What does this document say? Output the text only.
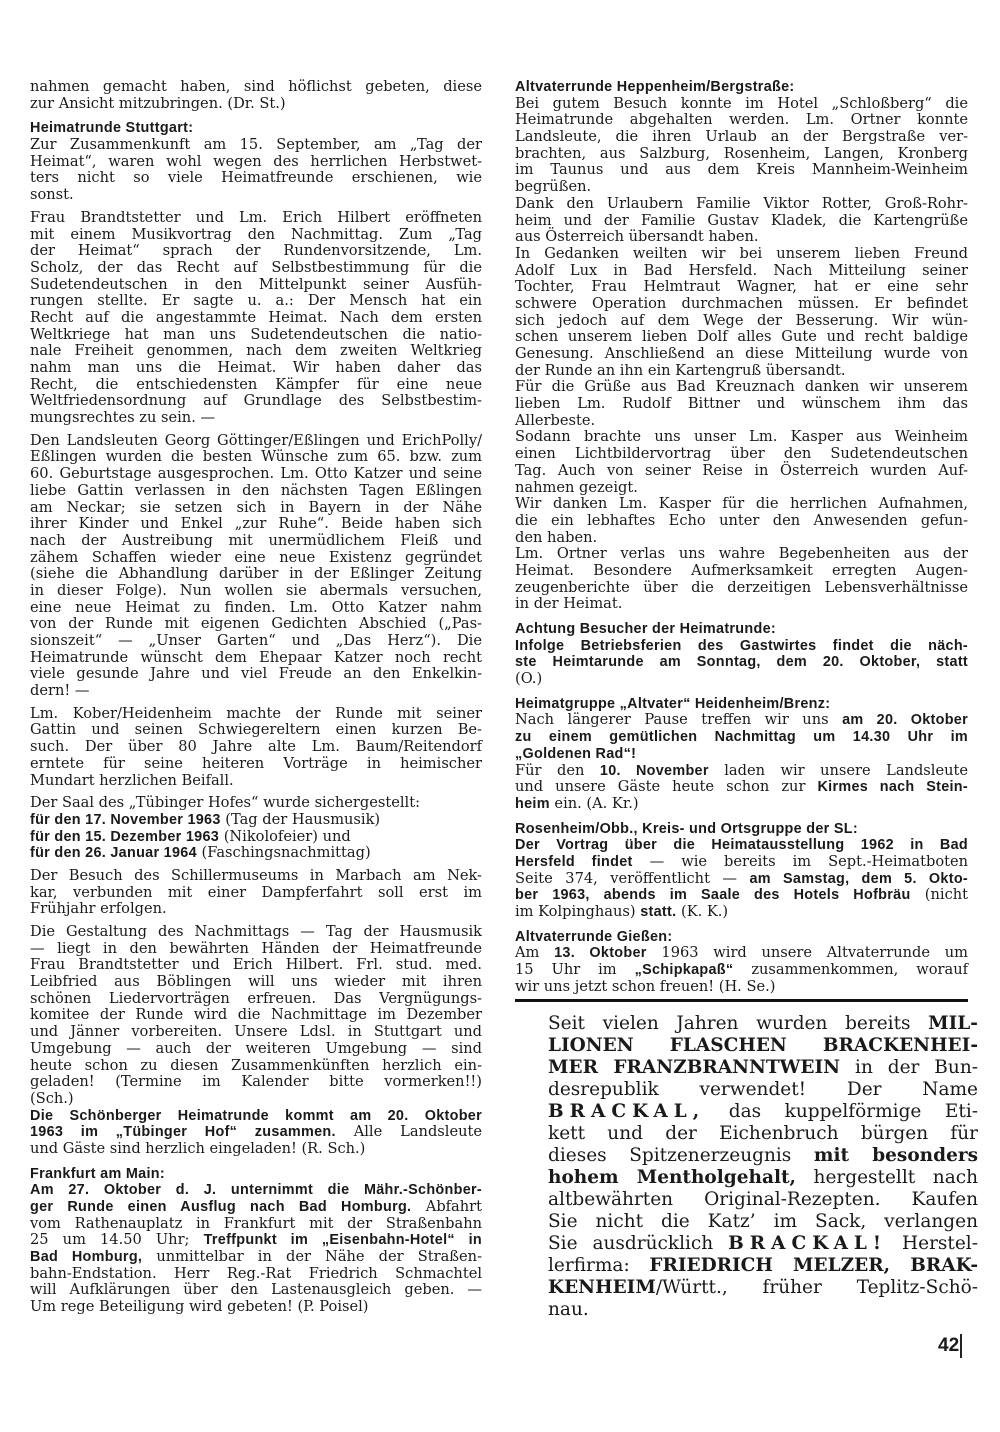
nahmen gemacht haben, sind höflichst gebeten, diese
zur Ansicht mitzubringen. (Dr. St.)
Heimatrunde Stuttgart:
Zur Zusammenkunft am 15. September, am „Tag der
Heimat“, waren wohl wegen des herrlichen Herbstwet-
ters nicht so viele Heimatfreunde erschienen, wie
sonst.
Frau Brandtstetter und Lm. Erich Hilbert eröffneten
mit einem Musikvortrag den Nachmittag. Zum „Tag
der Heimat“ sprach der Rundenvorsitzende, Lm.
Scholz, der das Recht auf Selbstbestimmung für die
Sudetendeutschen in den Mittelpunkt seiner Ausfüh-
rungen stellte. Er sagte u. a.: Der Mensch hat ein
Recht auf die angestammte Heimat. Nach dem ersten
Weltkriege hat man uns Sudetendeutschen die natio-
nale Freiheit genommen, nach dem zweiten Weltkrieg
nahm man uns die Heimat. Wir haben daher das
Recht, die entschiedensten Kämpfer für eine neue
Weltfriedensordnung auf Grundlage des Selbstbestim-
mungsrechtes zu sein. —
Den Landsleuten Georg Göttinger/Eßlingen und ErichPolly/
Eßlingen wurden die besten Wünsche zum 65. bzw. zum
60. Geburtstage ausgesprochen. Lm. Otto Katzer und seine
liebe Gattin verlassen in den nächsten Tagen Eßlingen
am Neckar; sie setzen sich in Bayern in der Nähe
ihrer Kinder und Enkel „zur Ruhe“. Beide haben sich
nach der Austreibung mit unermüdlichem Fleiß und
zähem Schaffen wieder eine neue Existenz gegründet
(siehe die Abhandlung darüber in der Eßlinger Zeitung
in dieser Folge). Nun wollen sie abermals versuchen,
eine neue Heimat zu finden. Lm. Otto Katzer nahm
von der Runde mit eigenen Gedichten Abschied („Pas-
sionszeit“ — „Unser Garten“ und „Das Herz“). Die
Heimatrunde wünscht dem Ehepaar Katzer noch recht
viele gesunde Jahre und viel Freude an den Enkelkin-
dern! —
Lm. Kober/Heidenheim machte der Runde mit seiner
Gattin und seinen Schwiegereltern einen kurzen Be-
such. Der über 80 Jahre alte Lm. Baum/Reitendorf
erntete für seine heiteren Vorträge in heimischer
Mundart herzlichen Beifall.
Der Saal des „Tübinger Hofes“ wurde sichergestellt:
für den 17. November 1963 (Tag der Hausmusik)
für den 15. Dezember 1963 (Nikolofeier) und
für den 26. Januar 1964 (Faschingsnachmittag)
Der Besuch des Schillermuseums in Marbach am Nek-
kar, verbunden mit einer Dampferfahrt soll erst im
Frühjahr erfolgen.
Die Gestaltung des Nachmittags — Tag der Hausmusik
— liegt in den bewährten Händen der Heimatfreunde
Frau Brandtstetter und Erich Hilbert. Frl. stud. med.
Leibfried aus Böblingen will uns wieder mit ihren
schönen Liedervorträgen erfreuen. Das Vergnügungs-
komitee der Runde wird die Nachmittage im Dezember
und Jänner vorbereiten. Unsere Ldsl. in Stuttgart und
Umgebung — auch der weiteren Umgebung — sind
heute schon zu diesen Zusammenkünften herzlich ein-
geladen! (Termine im Kalender bitte vormerken!!)
(Sch.)
Die Schönberger Heimatrunde kommt am 20. Oktober
1963 im „Tübinger Hof“ zusammen. Alle Landsleute
und Gäste sind herzlich eingeladen! (R. Sch.)
Frankfurt am Main:
Am 27. Oktober d. J. unternimmt die Mähr.-Schönber-
ger Runde einen Ausflug nach Bad Homburg. Abfahrt
vom Rathenauplatz in Frankfurt mit der Straßenbahn
25 um 14.50 Uhr; Treffpunkt im „Eisenbahn-Hotel“ in
Bad Homburg, unmittelbar in der Nähe der Straßen-
bahn-Endstation. Herr Reg.-Rat Friedrich Schmachtel
will Aufklärungen über den Lastenausgleich geben. —
Um rege Beteiligung wird gebeten! (P. Poisel)
Altvaterrunde Heppenheim/Bergstraße:
Bei gutem Besuch konnte im Hotel „Schloßberg“ die
Heimatrunde abgehalten werden. Lm. Ortner konnte
Landsleute, die ihren Urlaub an der Bergstraße ver-
brachten, aus Salzburg, Rosenheim, Langen, Kronberg
im Taunus und aus dem Kreis Mannheim-Weinheim
begrüßen.
Dank den Urlaubern Familie Viktor Rotter, Groß-Rohr-
heim und der Familie Gustav Kladek, die Kartengrüße
aus Österreich übersandt haben.
In Gedanken weilten wir bei unserem lieben Freund
Adolf Lux in Bad Hersfeld. Nach Mitteilung seiner
Tochter, Frau Helmtraut Wagner, hat er eine sehr
schwere Operation durchmachen müssen. Er befindet
sich jedoch auf dem Wege der Besserung. Wir wün-
schen unserem lieben Dolf alles Gute und recht baldige
Genesung. Anschließend an diese Mitteilung wurde von
der Runde an ihn ein Kartengruß übersandt.
Für die Grüße aus Bad Kreuznach danken wir unserem
lieben Lm. Rudolf Bittner und wünschem ihm das
Allerbeste.
Sodann brachte uns unser Lm. Kasper aus Weinheim
einen Lichtbildervortrag über den Sudetendeutschen
Tag. Auch von seiner Reise in Österreich wurden Auf-
nahmen gezeigt.
Wir danken Lm. Kasper für die herrlichen Aufnahmen,
die ein lebhaftes Echo unter den Anwesenden gefun-
den haben.
Lm. Ortner verlas uns wahre Begebenheiten aus der
Heimat. Besondere Aufmerksamkeit erregten Augen-
zeugenberichte über die derzeitigen Lebensverhältnisse
in der Heimat.
Achtung Besucher der Heimatrunde:
Infolge Betriebsferien des Gastwirtes findet die näch-
ste Heimtarunde am Sonntag, dem 20. Oktober, statt
(O.)
Heimatgruppe „Altvater“ Heidenheim/Brenz:
Nach längerer Pause treffen wir uns am 20. Oktober
zu einem gemütlichen Nachmittag um 14.30 Uhr im
„Goldenen Rad“!
Für den 10. November laden wir unsere Landsleute
und unsere Gäste heute schon zur Kirmes nach Stein-
heim ein. (A. Kr.)
Rosenheim/Obb., Kreis- und Ortsgruppe der SL:
Der Vortrag über die Heimatausstellung 1962 in Bad
Hersfeld findet — wie bereits im Sept.-Heimatboten
Seite 374, veröffentlicht — am Samstag, dem 5. Okto-
ber 1963, abends im Saale des Hotels Hofbräu (nicht
im Kolpinghaus) statt. (K. K.)
Altvaterrunde Gießen:
Am 13. Oktober 1963 wird unsere Altvaterrunde um
15 Uhr im „Schipkapaß“ zusammenkommen, worauf
wir uns jetzt schon freuen! (H. Se.)
Seit vielen Jahren wurden bereits MIL-
LIONEN FLASCHEN BRACKENHEI-
MER FRANZBRANNTWEIN in der Bun-
desrepublik verwendet! Der Name
BRACKAL, das kuppelförmige Eti-
kett und der Eichenbruch bürgen für
dieses Spitzenerzeugnis mit besonders
hohem Mentholgehalt, hergestellt nach
altbewährten Original-Rezepten. Kaufen
Sie nicht die Katz’ im Sack, verlangen
Sie ausdrücklich BRACKAL! Herstel-
lerfirma: FRIEDRICH MELZER, BRAK-
KENHEIM/Württ., früher Teplitz-Schö-
nau.
42
